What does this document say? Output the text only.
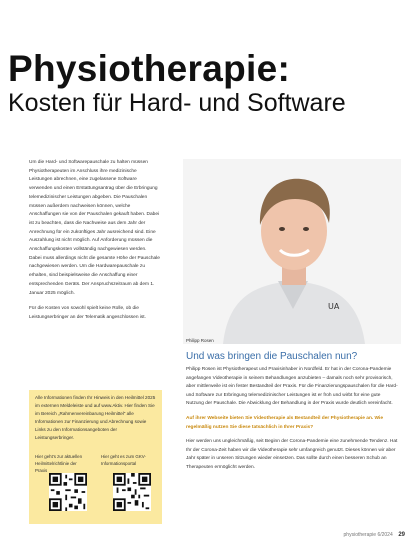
Physiotherapie:
Kosten für Hard- und Software

Um die Hard- und Softwarepauschale zu halten müssen Physiotherapeuten im Anschluss ihre medizinische Leistungen abrechnen, eine zugelassene Software verwenden und einen Erstattungsantrag über die Erbringung telemedizinischer Leistungen abgeben. Die Pauschalen müssen außerdem nachweisen können, welche Anschaffungen sie von der Pauschalen gekauft haben. Dabei ist zu beachten, dass die Nachweise aus dem Jahr der Anrechnung für ein zukünftiges Jahr ausreichend sind. Eine Auszahlung ist nicht möglich. Auf Anforderung müssen die Anschaffungskosten vollständig nachgewiesen werden. Dabei muss allerdings nicht die gesamte Höhe der Pauschale nachgewiesen werden. Um die Hardwarepauschale zu erhalten, sind beispielsweise die Anschaffung einer entsprechenden Geräts. Der Anspruchszeitraum ab dem 1. Januar 2025 möglich.

Für die Kosten von sowohl spielt keine Rolle, ob die Leistungserbringer an der Telematik angeschlossen ist.

Alle Informationen finden Ihr Hinweis in den Heilmittel 2025 im externen Meldeleiste und auf www.Aktiv. Hier finden Sie im Bereich „Rahmenvereinbarung Heilmittel“ alle Informationen zur Finanzierung und Abrechnung sowie Links zu den Informationsangeboten der Leistungserbringer.
Hier geht’s zur aktuellen Heilmittelrichtlinie der Praxis
Hier geht es zum GKV-Informationsportal
UA
Philipp Rosen
Und was bringen die Pauschalen nun?

Philipp Rosen ist Physiotherapeut und Praxisinhaber in Nordfeld. Er hat in der Corona-Pandemie angefangen Videotherapie in seinem Behandlungen anzubieten – damals noch sehr provisorisch, aber mittlerweile ist ein fester Bestandteil der Praxis. Für die Finanzierungspauschalen für die Hard- und Software zur Erbringung telemedizinischer Leistungen ist er froh und wirbt für eine gute Nutzung der Pauschale. Die Abwicklung der Behandlung in der Praxis wurde deutlich vereinfacht.

Auf ihrer Webseite bieten Sie Videotherapie als Bestandteil der Physiotherapie an. Wie regelmäßig nutzen Sie diese tatsächlich in Ihrer Praxis?

Hier werden uns ungleichmäßig, seit Beginn der Corona-Pandemie eine zunehmende Tendenz. Hat Ihr der Corona-Zeit haben wir die Videotherapie sehr umfangreich genutzt. Dieses können wir aber Jahr später in unseren Sitzungen wieder einsetzen. Das sollte durch einen besseren Schub an Therapeuten ermöglicht werden.

physiotherapie 6/2024 29
